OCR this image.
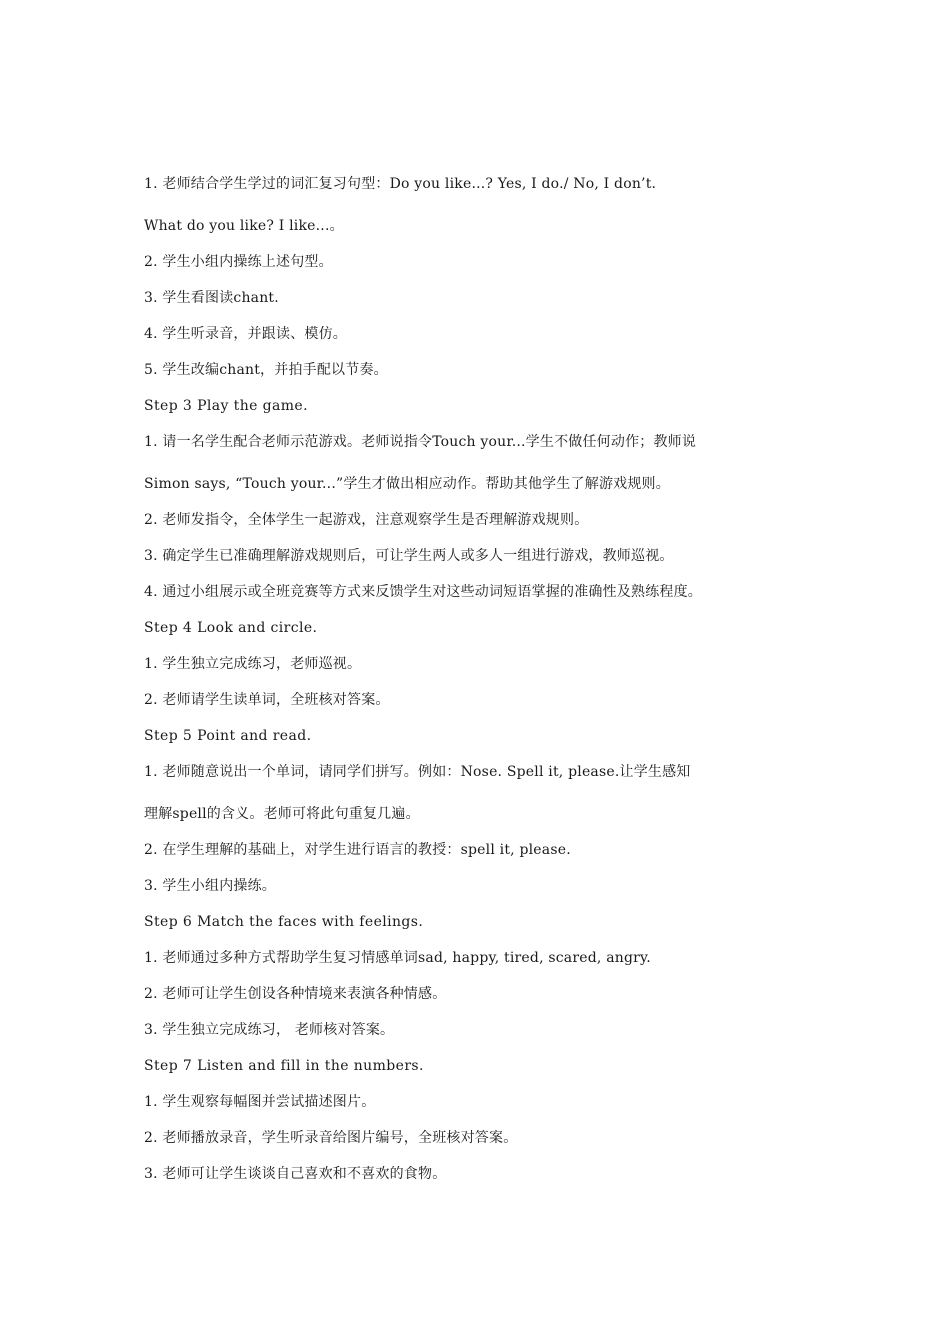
1. 老师结合学生学过的词汇复习句型：Do you like...? Yes, I do./ No, I don’t.
What do you like? I like...。
2. 学生小组内操练上述句型。
3. 学生看图读chant.
4. 学生听录音，并跟读、模仿。
5. 学生改编chant，并拍手配以节奏。
Step 3 Play the game.
1. 请一名学生配合老师示范游戏。老师说指令Touch your...学生不做任何动作；教师说
Simon says, “Touch your...”学生才做出相应动作。帮助其他学生了解游戏规则。
2. 老师发指令，全体学生一起游戏，注意观察学生是否理解游戏规则。
3. 确定学生已准确理解游戏规则后，可让学生两人或多人一组进行游戏，教师巡视。
4. 通过小组展示或全班竞赛等方式来反馈学生对这些动词短语掌握的准确性及熟练程度。
Step 4 Look and circle.
1. 学生独立完成练习，老师巡视。
2. 老师请学生读单词，全班核对答案。
Step 5 Point and read.
1. 老师随意说出一个单词，请同学们拼写。例如：Nose. Spell it, please.让学生感知
理解spell的含义。老师可将此句重复几遍。
2. 在学生理解的基础上，对学生进行语言的教授：spell it, please.
3. 学生小组内操练。
Step 6 Match the faces with feelings.
1. 老师通过多种方式帮助学生复习情感单词sad, happy, tired, scared, angry.
2. 老师可让学生创设各种情境来表演各种情感。
3. 学生独立完成练习， 老师核对答案。
Step 7 Listen and fill in the numbers.
1. 学生观察每幅图并尝试描述图片。
2. 老师播放录音，学生听录音给图片编号，全班核对答案。
3. 老师可让学生谈谈自己喜欢和不喜欢的食物。
